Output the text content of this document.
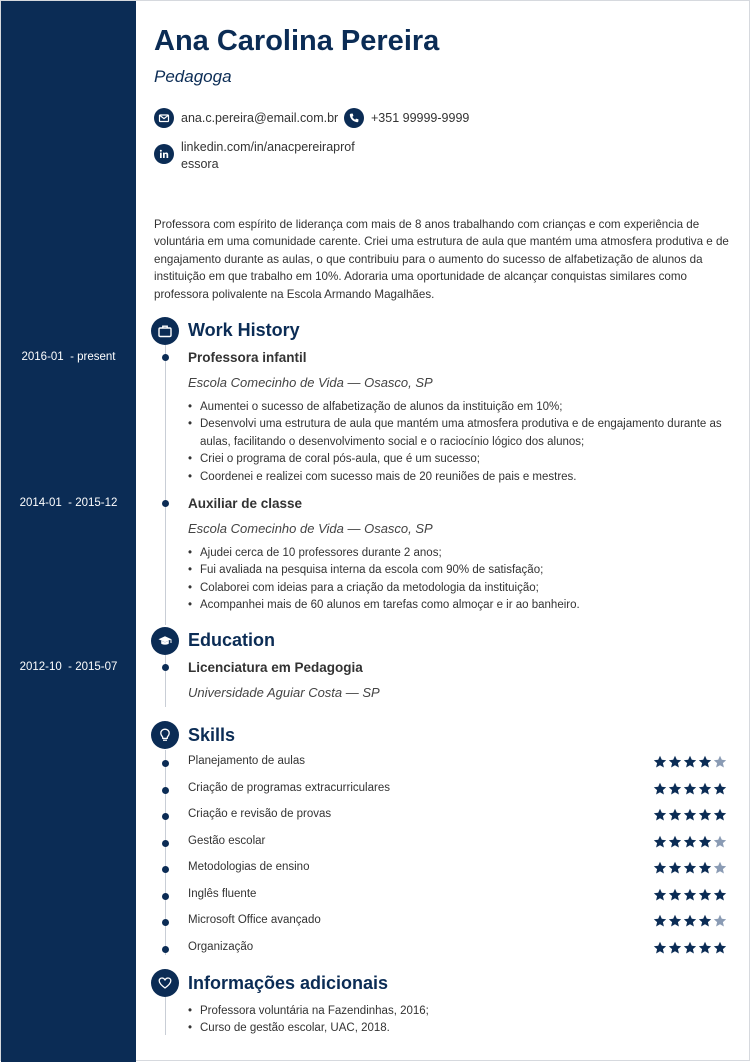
2016-01  - present
2014-01  - 2015-12
2012-10  - 2015-07
Ana Carolina Pereira
Pedagoga
ana.c.pereira@email.com.br	+351 99999-9999
linkedin.com/in/anacpereiraprof
essora

Professora com espírito de liderança com mais de 8 anos trabalhando com crianças e com experiência de voluntária em uma comunidade carente. Criei uma estrutura de aula que mantém uma atmosfera produtiva e de engajamento durante as aulas, o que contribuiu para o aumento do sucesso de alfabetização de alunos da instituição em que trabalho em 10%. Adoraria uma oportunidade de alcançar conquistas similares como professora polivalente na Escola Armando Magalhães.

Work History
Professora infantil
Escola Comecinho de Vida — Osasco, SP
• Aumentei o sucesso de alfabetização de alunos da instituição em 10%;
• Desenvolvi uma estrutura de aula que mantém uma atmosfera produtiva e de engajamento durante as aulas, facilitando o desenvolvimento social e o raciocínio lógico dos alunos;
• Criei o programa de coral pós-aula, que é um sucesso;
• Coordenei e realizei com sucesso mais de 20 reuniões de pais e mestres.
Auxiliar de classe
Escola Comecinho de Vida — Osasco, SP
• Ajudei cerca de 10 professores durante 2 anos;
• Fui avaliada na pesquisa interna da escola com 90% de satisfação;
• Colaborei com ideias para a criação da metodologia da instituição;
• Acompanhei mais de 60 alunos em tarefas como almoçar e ir ao banheiro.
Education
Licenciatura em Pedagogia
Universidade Aguiar Costa — SP
Skills
Planejamento de aulas
Criação de programas extracurriculares
Criação e revisão de provas
Gestão escolar
Metodologias de ensino
Inglês fluente
Microsoft Office avançado
Organização
Informações adicionais
• Professora voluntária na Fazendinhas, 2016;
• Curso de gestão escolar, UAC, 2018.
